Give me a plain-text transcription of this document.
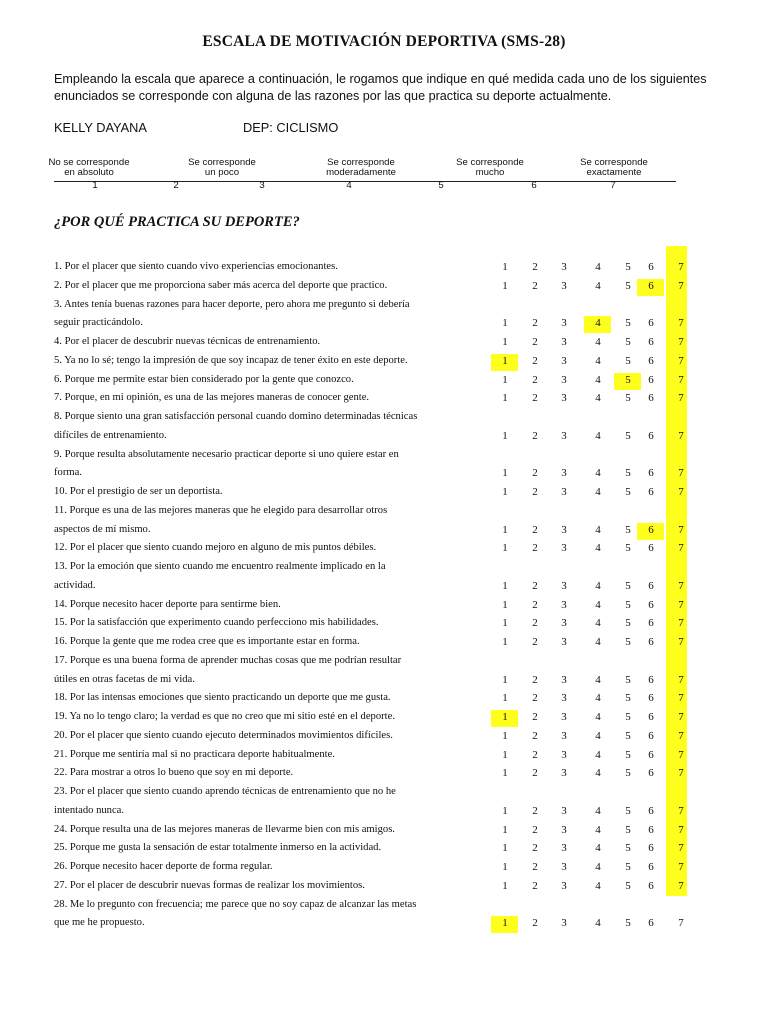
ESCALA DE MOTIVACIÓN DEPORTIVA (SMS-28)
Empleando la escala que aparece a continuación, le rogamos que indique en qué medida cada uno de los siguientes
enunciados se corresponde con alguna de las razones por las que practica su deporte actualmente.
KELLY DAYANA	DEP: CICLISMO
No se corresponde
en absoluto
Se corresponde
un poco
Se corresponde
moderadamente
Se corresponde
mucho
Se corresponde
exactamente
1	2	3	4	5	6	7
¿POR QUÉ PRACTICA SU DEPORTE?
1. Por el placer que siento cuando vivo experiencias emocionantes.	1 2 3	4 5 6 7
2. Por el placer que me proporciona saber más acerca del deporte que practico.	1 2 3	4 5 6 7
3. Antes tenía buenas razones para hacer deporte, pero ahora me pregunto si debería
seguir practicándolo.	1 2 3	4 5 6 7
4. Por el placer de descubrir nuevas técnicas de entrenamiento.	1 2 3	4 5 6 7
5. Ya no lo sé; tengo la impresión de que soy incapaz de tener éxito en este deporte.	1 2 3	4 5 6 7
6. Porque me permite estar bien considerado por la gente que conozco.	1 2 3	4 5 6 7
7. Porque, en mi opinión, es una de las mejores maneras de conocer gente.	1 2 3	4 5 6 7
8. Porque siento una gran satisfacción personal cuando domino determinadas técnicas
difíciles de entrenamiento.	1 2 3	4 5 6 7
9. Porque resulta absolutamente necesario practicar deporte si uno quiere estar en
forma.	1 2 3	4 5 6 7
10. Por el prestigio de ser un deportista.	1 2 3	4 5 6 7
11. Porque es una de las mejores maneras que he elegido para desarrollar otros
aspectos de mí mismo.	1 2 3	4 5 6 7
12. Por el placer que siento cuando mejoro en alguno de mis puntos débiles.	1 2 3	4 5 6 7
13. Por la emoción que siento cuando me encuentro realmente implicado en la
actividad.	1 2 3	4 5 6 7
14. Porque necesito hacer deporte para sentirme bien.	1 2 3	4 5 6 7
15. Por la satisfacción que experimento cuando perfecciono mis habilidades.	1 2 3	4 5 6 7
16. Porque la gente que me rodea cree que es importante estar en forma.	1 2 3	4 5 6 7
17. Porque es una buena forma de aprender muchas cosas que me podrían resultar
útiles en otras facetas de mi vida.	1 2 3	4 5 6 7
18. Por las intensas emociones que siento practicando un deporte que me gusta.	1 2 3	4 5 6 7
19. Ya no lo tengo claro; la verdad es que no creo que mi sitio esté en el deporte.	1 2 3	4 5 6 7
20. Por el placer que siento cuando ejecuto determinados movimientos difíciles.	1 2 3	4 5 6 7
21. Porque me sentiría mal si no practicara deporte habitualmente.	1 2 3	4 5 6 7
22. Para mostrar a otros lo bueno que soy en mi deporte.	1 2 3	4 5 6 7
23. Por el placer que siento cuando aprendo técnicas de entrenamiento que no he
intentado nunca.	1 2 3	4 5 6 7
24. Porque resulta una de las mejores maneras de llevarme bien con mis amigos.	1 2 3	4 5 6 7
25. Porque me gusta la sensación de estar totalmente inmerso en la actividad.	1 2 3	4 5 6 7
26. Porque necesito hacer deporte de forma regular.	1 2 3	4 5 6 7
27. Por el placer de descubrir nuevas formas de realizar los movimientos.	1 2 3	4 5 6 7
28. Me lo pregunto con frecuencia; me parece que no soy capaz de alcanzar las metas
que me he propuesto.	1 2 3	4 5 6 7
